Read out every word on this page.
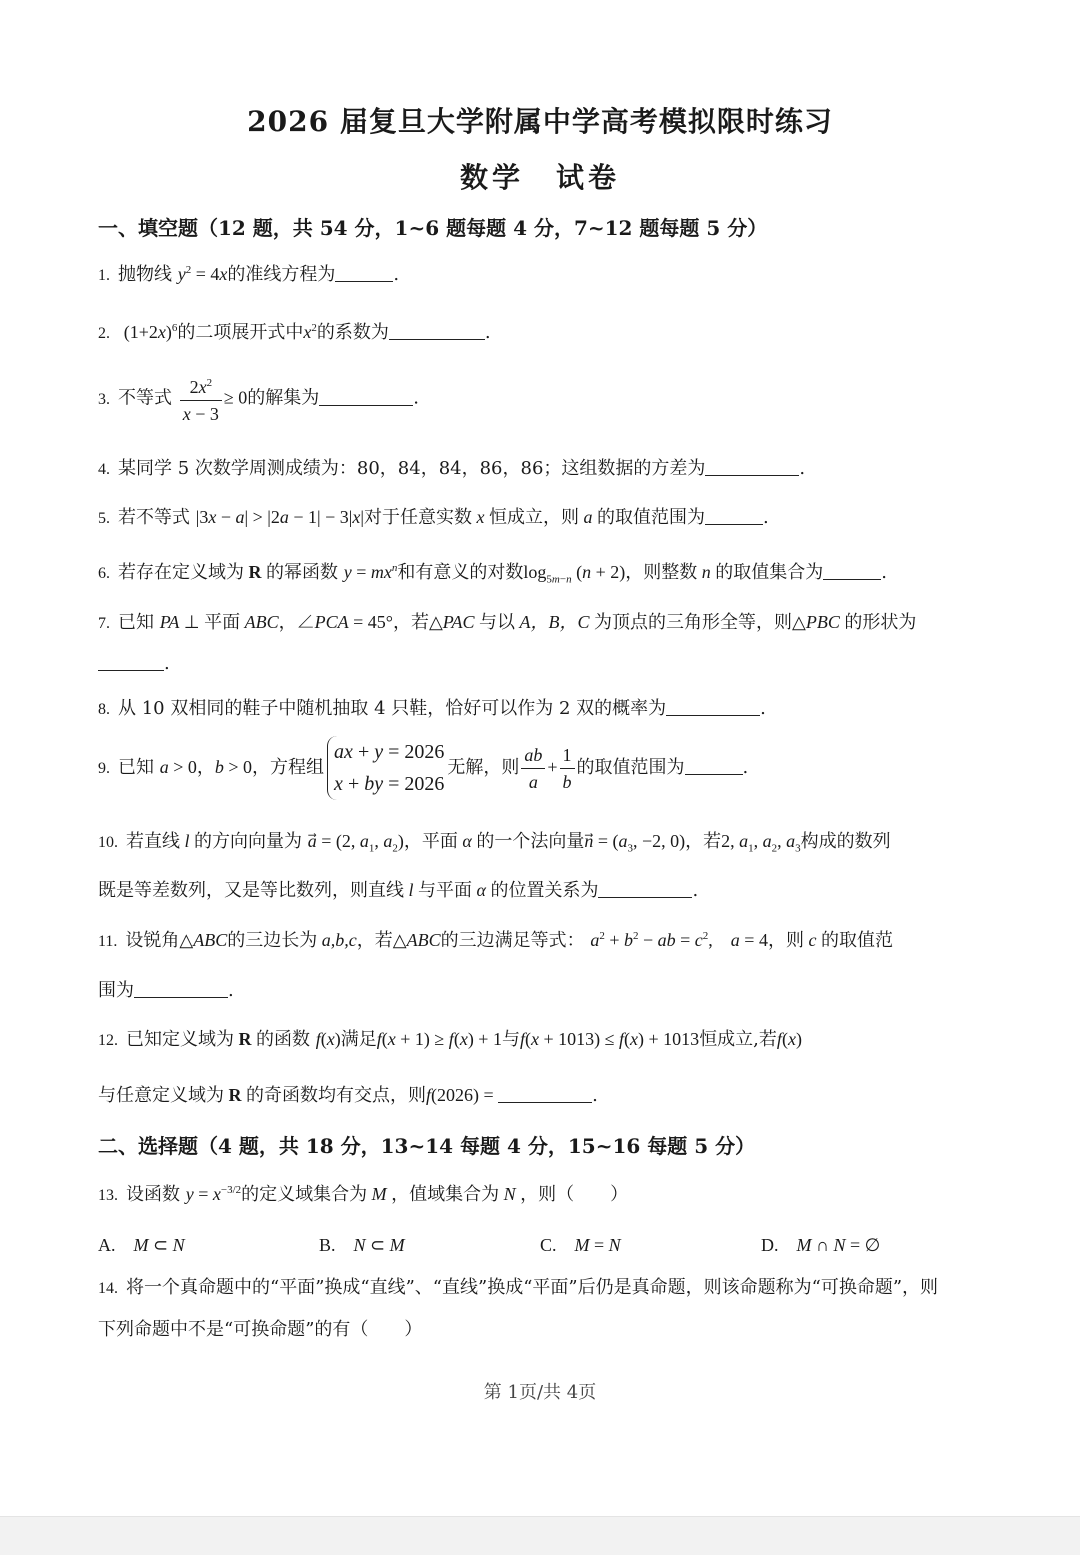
2026 届复旦大学附属中学高考模拟限时练习
数学　试卷
一、填空题（12 题，共 54 分，1~6 题每题 4 分，7~12 题每题 5 分）
1. 抛物线 $y^2 = 4x$的准线方程为	.
2. $(1+2x)^6$的二项展开式中$x^2$的系数为	.
3. 不等式 $\frac{2x^2}{x - 3} \ge 0$的解集为	.
4. 某同学 5 次数学周测成绩为：80，84，84，86，86；这组数据的方差为	.
5. 若不等式 |3x − a| > |2a − 1| − 3|x|对于任意实数 x 恒成立，则 a 的取值范围为	.
6. 若存在定义域为 R 的幂函数 $y = mx^n$和有意义的对数$\log_{5m-n} (n + 2)$，则整数 n 的取值集合为	.
7. 已知 PA ⊥ 平面 ABC，∠PCA = 45°，若△PAC 与以 A，B，C 为顶点的三角形全等，则△PBC 的形状为
.
8. 从 10 双相同的鞋子中随机抽取 4 只鞋，恰好可以作为 2 双的概率为	.
9. 已知 a > 0，b > 0，方程组ax + y = 2026
x + by = 2026无解，则 $\frac{ab}{a} + \frac{1}{b}$ 的取值范围为	.
10. 若直线 l 的方向向量为 a⃗ = (2, $a_1$, $a_2$)，平面 α 的一个法向量n⃗ = ($a_3$, −2, 0)，若2, $a_1$, $a_2$, $a_3$构成的数列
既是等差数列，又是等比数列，则直线 l 与平面 α 的位置关系为	.
11. 设锐角△ABC的三边长为 a,b,c，若△ABC的三边满足等式： $a^2 + b^2$ − ab = $c^2$,　a = 4，则 c 的取值范
围为	.
12. 已知定义域为 R 的函数 f(x)满足f(x + 1) ≥ f(x) + 1与f(x + 1013) ≤ f(x) + 1013恒成立,若f(x)
与任意定义域为 R 的奇函数均有交点，则f(2026) =	.
二、选择题（4 题，共 18 分，13~14 每题 4 分，15~16 每题 5 分）
13. 设函数 $y = x^{-3/2}$的定义域集合为 M ，值域集合为 N ，则（　　）
A.　 M ⊂ N	B.　 N ⊂ M	C.　 M = N	D.　 M ∩ N = ∅
14. 将一个真命题中的“平面”换成“直线”、“直线”换成“平面”后仍是真命题，则该命题称为“可换命题”，则
下列命题中不是“可换命题”的有（　　）
第 1页/共 4页
